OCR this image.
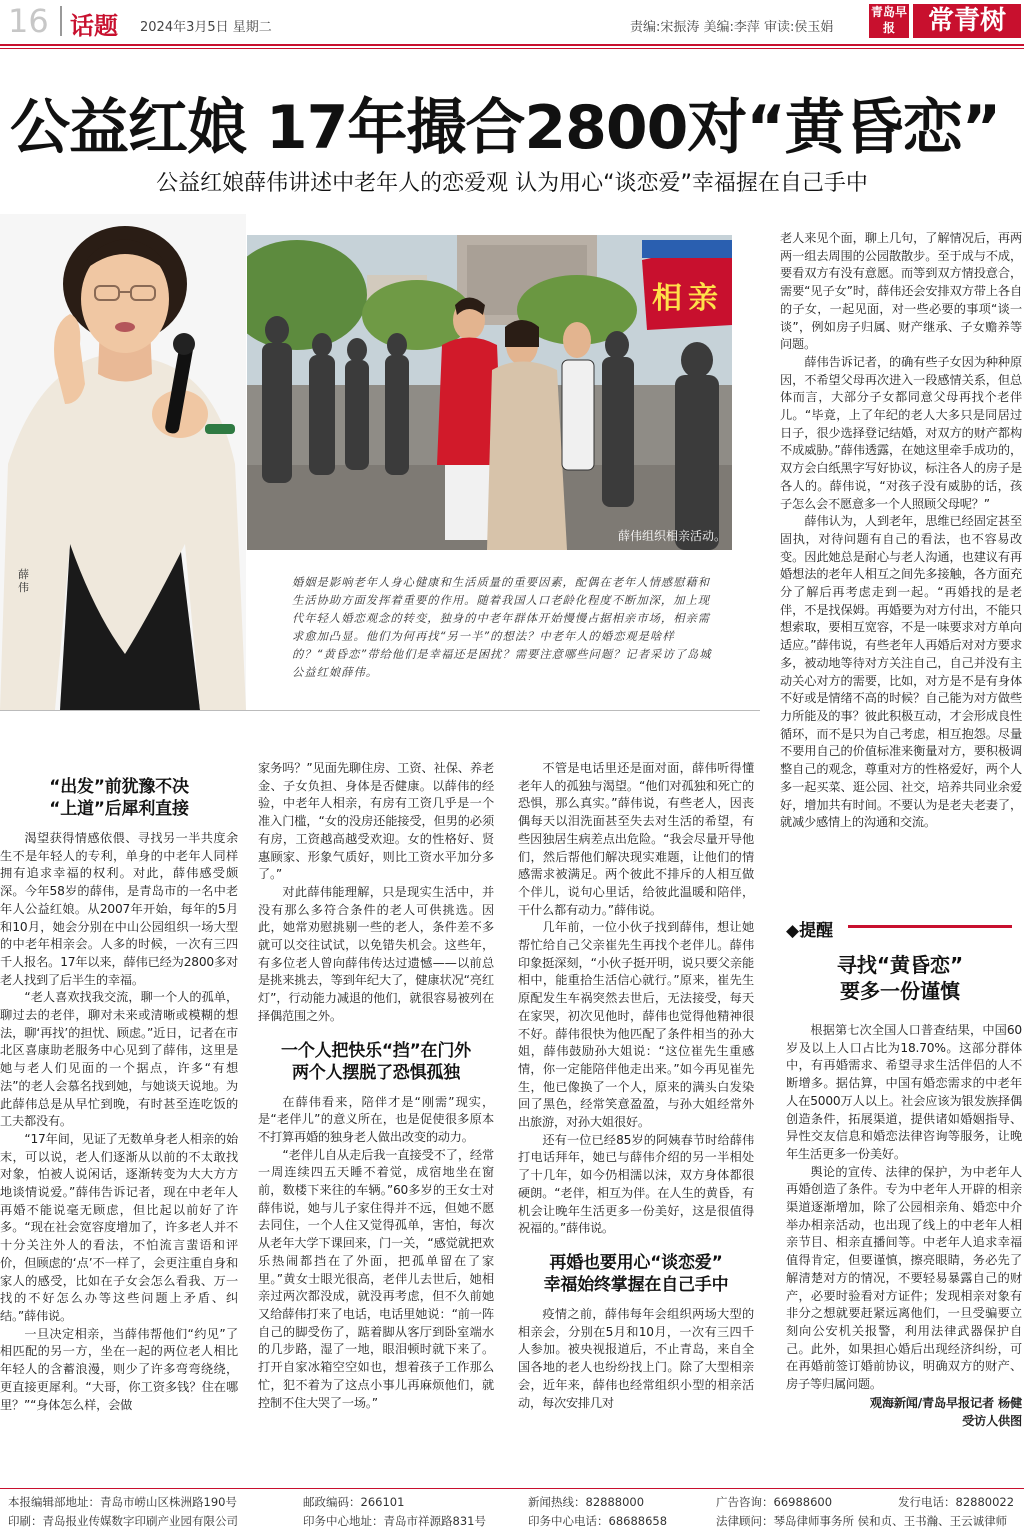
16 话题 2024年3月5日 星期二	责编:宋振涛 美编:李萍 审读:侯玉娟
青岛早报	常青树
公益红娘 17年撮合2800对“黄昏恋”
公益红娘薛伟讲述中老年人的恋爱观 认为用心“谈恋爱”幸福握在自己手中
薛伟
相亲
薛伟组织相亲活动。
婚姻是影响老年人身心健康和生活质量的重要因素，配偶在老年人情感慰藉和生活协助方面发挥着重要的作用。随着我国人口老龄化程度不断加深，加上现代年轻人婚恋观念的转变，独身的中老年群体开始慢慢占据相亲市场，相亲需求愈加凸显。他们为何再找“另一半”的想法？中老年人的婚恋观是啥样的？“黄昏恋”带给他们是幸福还是困扰？需要注意哪些问题？记者采访了岛城公益红娘薛伟。
“出发”前犹豫不决
“上道”后犀利直接

渴望获得情感依偎、寻找另一半共度余生不是年轻人的专利，单身的中老年人同样拥有追求幸福的权利。对此，薛伟感受颇深。今年58岁的薛伟，是青岛市的一名中老年人公益红娘。从2007年开始，每年的5月和10月，她会分别在中山公园组织一场大型的中老年相亲会。人多的时候，一次有三四千人报名。17年以来，薛伟已经为2800多对老人找到了后半生的幸福。

“老人喜欢找我交流，聊一个人的孤单，聊过去的老伴，聊对未来或清晰或模糊的想法，聊‘再找’的担忧、顾虑。”近日，记者在市北区喜康助老服务中心见到了薛伟，这里是她与老人们见面的一个据点，许多“有想法”的老人会慕名找到她，与她谈天说地。为此薛伟总是从早忙到晚，有时甚至连吃饭的工夫都没有。

“17年间，见证了无数单身老人相亲的始末，可以说，老人们逐渐从以前的不太敢找对象，怕被人说闲话，逐渐转变为大大方方地谈情说爱。”薛伟告诉记者，现在中老年人再婚不能说毫无顾虑，但比起以前好了许多。“现在社会宽容度增加了，许多老人并不十分关注外人的看法，不怕流言蜚语和评价，但顾虑的‘点’不一样了，会更注重自身和家人的感受，比如在子女会怎么看我、万一找的不好怎么办等这些问题上矛盾、纠结。”薛伟说。

一旦决定相亲，当薛伟帮他们“约见”了相匹配的另一方，坐在一起的两位老人相比年轻人的含蓄浪漫，则少了许多弯弯绕绕，更直接更犀利。“大哥，你工资多钱？住在哪里？”“身体怎么样，会做

家务吗？”见面先聊住房、工资、社保、养老金、子女负担、身体是否健康。以薛伟的经验，中老年人相亲，有房有工资几乎是一个准入门槛，“女的没房还能接受，但男的必须有房，工资越高越受欢迎。女的性格好、贤惠顾家、形象气质好，则比工资水平加分多了。”

对此薛伟能理解，只是现实生活中，并没有那么多符合条件的老人可供挑选。因此，她常劝慰挑剔一些的老人，条件差不多就可以交往试试，以免错失机会。这些年，有多位老人曾向薛伟传达过遗憾——以前总是挑来挑去，等到年纪大了，健康状况“亮红灯”，行动能力减退的他们，就很容易被列在择偶范围之外。

一个人把快乐“挡”在门外
两个人摆脱了恐惧孤独

在薛伟看来，陪伴才是“刚需”现实，是“老伴儿”的意义所在，也是促使很多原本不打算再婚的独身老人做出改变的动力。

“老伴儿自从走后我一直接受不了，经常一周连续四五天睡不着觉，成宿地坐在窗前，数楼下来往的车辆。”60多岁的王女士对薛伟说，她与儿子家住得并不远，但她不愿去同住，一个人住又觉得孤单，害怕，每次从老年大学下课回来，门一关，“感觉就把欢乐热闹都挡在了外面，把孤单留在了家里。”黄女士眼光很高，老伴儿去世后，她相亲过两次都没成，就没再考虑，但不久前她又给薛伟打来了电话，电话里她说：“前一阵自己的脚受伤了，踮着脚从客厅到卧室端水的几步路，湿了一地，眼泪顿时就下来了。打开自家冰箱空空如也，想着孩子工作那么忙，犯不着为了这点小事儿再麻烦他们，就控制不住大哭了一场。”

不管是电话里还是面对面，薛伟听得懂老年人的孤独与渴望。“他们对孤独和死亡的恐惧，那么真实。”薛伟说，有些老人，因丧偶每天以泪洗面甚至失去对生活的希望，有些因独居生病差点出危险。“我会尽量开导他们，然后帮他们解决现实难题，让他们的情感需求被满足。两个彼此不排斥的人相互做个伴儿，说句心里话，给彼此温暖和陪伴，干什么都有动力。”薛伟说。

几年前，一位小伙子找到薛伟，想让她帮忙给自己父亲崔先生再找个老伴儿。薛伟印象挺深刻，“小伙子挺开明，说只要父亲能相中，能重拾生活信心就行。”原来，崔先生原配发生车祸突然去世后，无法接受，每天在家哭，初次见他时，薛伟也觉得他精神很不好。薛伟很快为他匹配了条件相当的孙大姐，薛伟鼓励孙大姐说：“这位崔先生重感情，你一定能陪伴他走出来。”如今再见崔先生，他已像换了一个人，原来的满头白发染回了黑色，经常笑意盈盈，与孙大姐经常外出旅游，对孙大姐很好。

还有一位已经85岁的阿姨春节时给薛伟打电话拜年，她已与薛伟介绍的另一半相处了十几年，如今仍相濡以沫，双方身体都很硬朗。“老伴，相互为伴。在人生的黄昏，有机会让晚年生活更多一份美好，这是很值得祝福的。”薛伟说。

再婚也要用心“谈恋爱”
幸福始终掌握在自己手中

疫情之前，薛伟每年会组织两场大型的相亲会，分别在5月和10月，一次有三四千人参加。被央视报道后，不止青岛，来自全国各地的老人也纷纷找上门。除了大型相亲会，近年来，薛伟也经常组织小型的相亲活动，每次安排几对

老人来见个面，聊上几句，了解情况后，再两两一组去周围的公园散散步。至于成与不成，要看双方有没有意愿。而等到双方情投意合，需要“见子女”时，薛伟还会安排双方带上各自的子女，一起见面，对一些必要的事项“谈一谈”，例如房子归属、财产继承、子女赡养等问题。

薛伟告诉记者，的确有些子女因为种种原因，不希望父母再次进入一段感情关系，但总体而言，大部分子女都同意父母再找个老伴儿。“毕竟，上了年纪的老人大多只是同居过日子，很少选择登记结婚，对双方的财产都构不成威胁。”薛伟透露，在她这里牵手成功的，双方会白纸黑字写好协议，标注各人的房子是各人的。薛伟说，“对孩子没有威胁的话，孩子怎么会不愿意多一个人照顾父母呢？”

薛伟认为，人到老年，思维已经固定甚至固执，对待问题有自己的看法，也不容易改变。因此她总是耐心与老人沟通，也建议有再婚想法的老年人相互之间先多接触，各方面充分了解后再考虑走到一起。“再婚找的是老伴，不是找保姆。再婚要为对方付出，不能只想索取，要相互宽容，不是一味要求对方单向适应。”薛伟说，有些老年人再婚后对对方要求多，被动地等待对方关注自己，自己并没有主动关心对方的需要，比如，对方是不是有身体不好或是情绪不高的时候？自己能为对方做些力所能及的事？彼此积极互动，才会形成良性循环，而不是只为自己考虑，相互抱怨。尽量不要用自己的价值标准来衡量对方，要积极调整自己的观念，尊重对方的性格爱好，两个人多一起买菜、逛公园、社交，培养共同业余爱好，增加共有时间。不要认为是老夫老妻了，就减少感情上的沟通和交流。

◆提醒
寻找“黄昏恋”
要多一份谨慎

根据第七次全国人口普查结果，中国60岁及以上人口占比为18.70%。这部分群体中，有再婚需求、希望寻求生活伴侣的人不断增多。据估算，中国有婚恋需求的中老年人在5000万人以上。社会应该为银发族择偶创造条件，拓展渠道，提供诸如婚姻指导、异性交友信息和婚恋法律咨询等服务，让晚年生活更多一份美好。

舆论的宣传、法律的保护，为中老年人再婚创造了条件。专为中老年人开辟的相亲渠道逐渐增加，除了公园相亲角、婚恋中介举办相亲活动，也出现了线上的中老年人相亲节目、相亲直播间等。中老年人追求幸福值得肯定，但要谨慎，擦亮眼睛，务必先了解清楚对方的情况，不要轻易暴露自己的财产，必要时验看对方证件；发现相亲对象有非分之想就要赶紧远离他们，一旦受骗要立刻向公安机关报警，利用法律武器保护自己。此外，如果担心婚后出现经济纠纷，可在再婚前签订婚前协议，明确双方的财产、房子等归属问题。

观海新闻/青岛早报记者 杨健
受访人供图
本报编辑部地址：青岛市崂山区株洲路190号
印刷：青岛报业传媒数字印刷产业园有限公司
邮政编码：266101
印务中心地址：青岛市祥源路831号
新闻热线：82888000
印务中心电话：68688658
广告咨询：66988600
法律顾问：琴岛律师事务所 侯和贞、王书瀚、王云诚律师
发行电话：82880022
